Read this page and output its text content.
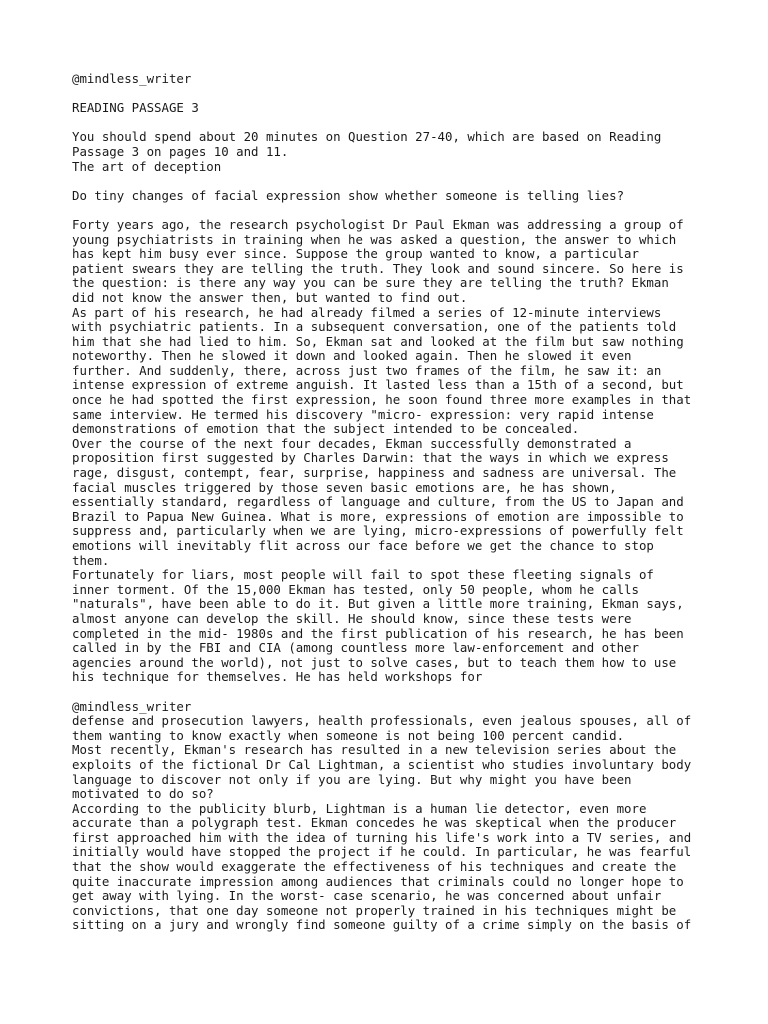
@mindless_writer
READING PASSAGE 3
You should spend about 20 minutes on Question 27-40, which are based on Reading
Passage 3 on pages 10 and 11.
The art of deception
Do tiny changes of facial expression show whether someone is telling lies?
Forty years ago, the research psychologist Dr Paul Ekman was addressing a group of
young psychiatrists in training when he was asked a question, the answer to which
has kept him busy ever since. Suppose the group wanted to know, a particular
patient swears they are telling the truth. They look and sound sincere. So here is
the question: is there any way you can be sure they are telling the truth? Ekman
did not know the answer then, but wanted to find out.
As part of his research, he had already filmed a series of 12-minute interviews
with psychiatric patients. In a subsequent conversation, one of the patients told
him that she had lied to him. So, Ekman sat and looked at the film but saw nothing
noteworthy. Then he slowed it down and looked again. Then he slowed it even
further. And suddenly, there, across just two frames of the film, he saw it: an
intense expression of extreme anguish. It lasted less than a 15th of a second, but
once he had spotted the first expression, he soon found three more examples in that
same interview. He termed his discovery "micro- expression: very rapid intense
demonstrations of emotion that the subject intended to be concealed.
Over the course of the next four decades, Ekman successfully demonstrated a
proposition first suggested by Charles Darwin: that the ways in which we express
rage, disgust, contempt, fear, surprise, happiness and sadness are universal. The
facial muscles triggered by those seven basic emotions are, he has shown,
essentially standard, regardless of language and culture, from the US to Japan and
Brazil to Papua New Guinea. What is more, expressions of emotion are impossible to
suppress and, particularly when we are lying, micro-expressions of powerfully felt
emotions will inevitably flit across our face before we get the chance to stop
them.
Fortunately for liars, most people will fail to spot these fleeting signals of
inner torment. Of the 15,000 Ekman has tested, only 50 people, whom he calls
"naturals", have been able to do it. But given a little more training, Ekman says,
almost anyone can develop the skill. He should know, since these tests were
completed in the mid- 1980s and the first publication of his research, he has been
called in by the FBI and CIA (among countless more law-enforcement and other
agencies around the world), not just to solve cases, but to teach them how to use
his technique for themselves. He has held workshops for
@mindless_writer
defense and prosecution lawyers, health professionals, even jealous spouses, all of
them wanting to know exactly when someone is not being 100 percent candid.
Most recently, Ekman's research has resulted in a new television series about the
exploits of the fictional Dr Cal Lightman, a scientist who studies involuntary body
language to discover not only if you are lying. But why might you have been
motivated to do so?
According to the publicity blurb, Lightman is a human lie detector, even more
accurate than a polygraph test. Ekman concedes he was skeptical when the producer
first approached him with the idea of turning his life's work into a TV series, and
initially would have stopped the project if he could. In particular, he was fearful
that the show would exaggerate the effectiveness of his techniques and create the
quite inaccurate impression among audiences that criminals could no longer hope to
get away with lying. In the worst- case scenario, he was concerned about unfair
convictions, that one day someone not properly trained in his techniques might be
sitting on a jury and wrongly find someone guilty of a crime simply on the basis of
